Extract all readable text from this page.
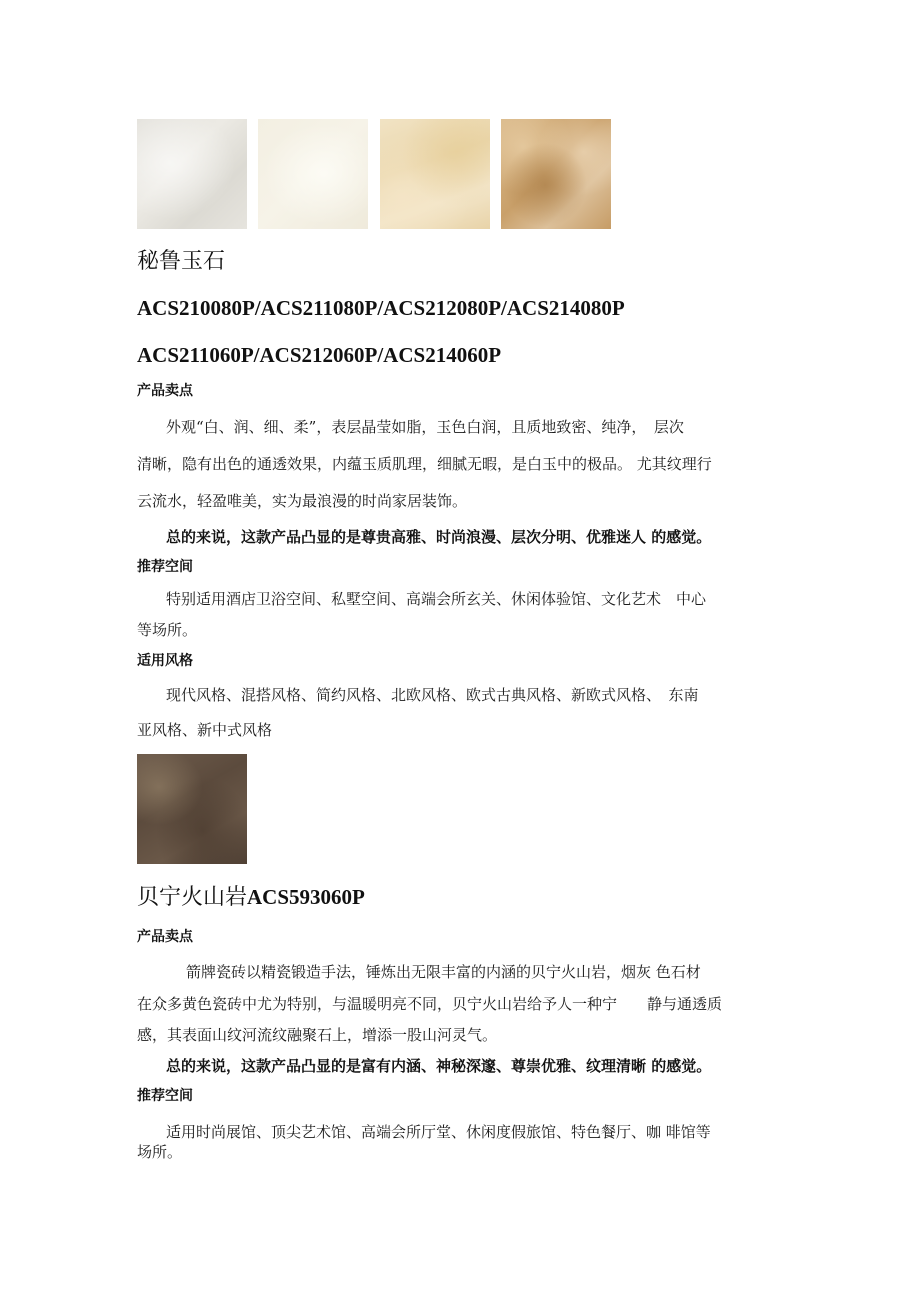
秘鲁玉石
ACS210080P/ACS211080P/ACS212080P/ACS214080P
ACS211060P/ACS212060P/ACS214060P
产品卖点
外观“白、润、细、柔”，表层晶莹如脂，玉色白润，且质地致密、纯净，　层次
清晰，隐有出色的通透效果，内蕴玉质肌理，细腻无暇，是白玉中的极品。 尤其纹理行
云流水，轻盈唯美，实为最浪漫的时尚家居装饰。
总的来说，这款产品凸显的是尊贵高雅、时尚浪漫、层次分明、优雅迷人 的感觉。
推荐空间
特别适用酒店卫浴空间、私墅空间、高端会所玄关、休闲体验馆、文化艺术　中心
等场所。
适用风格
现代风格、混搭风格、简约风格、北欧风格、欧式古典风格、新欧式风格、　东南
亚风格、新中式风格
贝宁火山岩ACS593060P
产品卖点
箭牌瓷砖以精瓷锻造手法，锤炼出无限丰富的内涵的贝宁火山岩，烟灰 色石材
在众多黄色瓷砖中尤为特别，与温暖明亮不同，贝宁火山岩给予人一种宁　　静与通透质
感，其表面山纹河流纹融聚石上，增添一股山河灵气。
总的来说，这款产品凸显的是富有内涵、神秘深邃、尊崇优雅、纹理清晰 的感觉。
推荐空间
适用时尚展馆、顶尖艺术馆、高端会所厅堂、休闲度假旅馆、特色餐厅、咖 啡馆等
场所。
